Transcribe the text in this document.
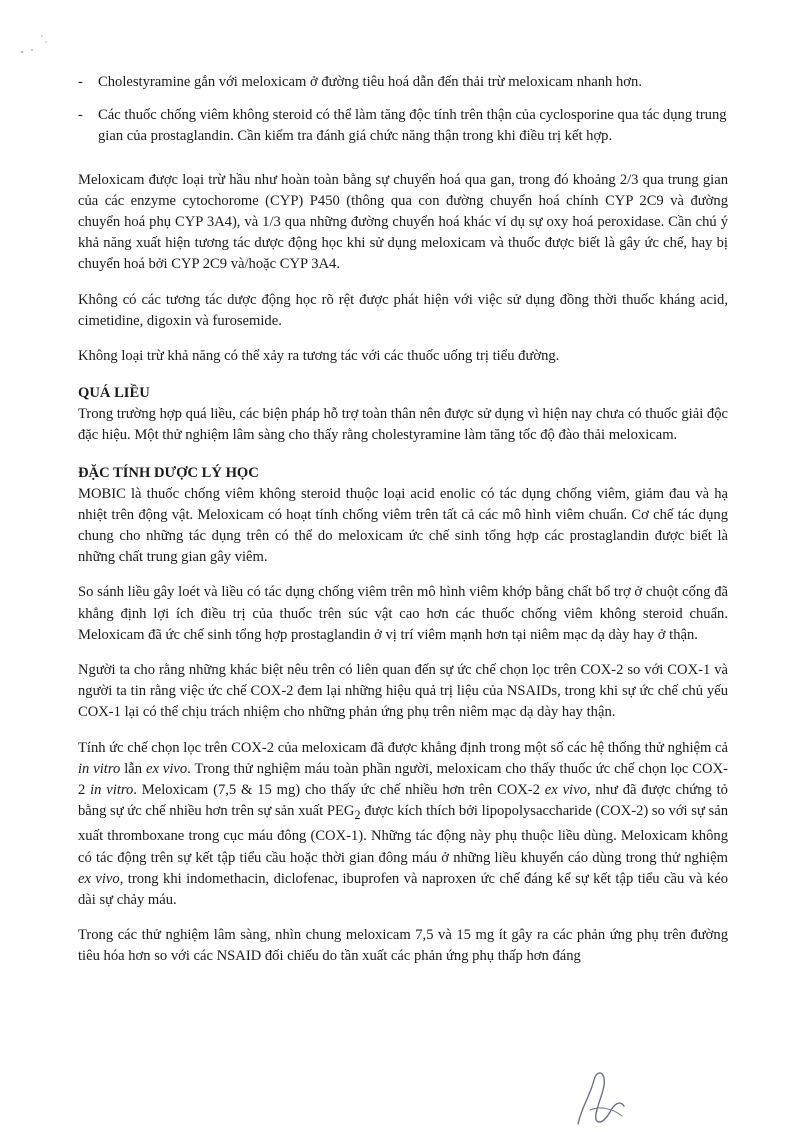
- Cholestyramine gắn với meloxicam ở đường tiêu hoá dẫn đến thải trừ meloxicam nhanh hơn.
- Các thuốc chống viêm không steroid có thể làm tăng độc tính trên thận của cyclosporine qua tác dụng trung gian của prostaglandin. Cần kiểm tra đánh giá chức năng thận trong khi điều trị kết hợp.

Meloxicam được loại trừ hầu như hoàn toàn bằng sự chuyển hoá qua gan, trong đó khoảng 2/3 qua trung gian của các enzyme cytochorome (CYP) P450 (thông qua con đường chuyển hoá chính CYP 2C9 và đường chuyển hoá phụ CYP 3A4), và 1/3 qua những đường chuyển hoá khác ví dụ sự oxy hoá peroxidase. Cần chú ý khả năng xuất hiện tương tác dược động học khi sử dụng meloxicam và thuốc được biết là gây ức chế, hay bị chuyển hoá bởi CYP 2C9 và/hoặc CYP 3A4.

Không có các tương tác dược động học rõ rệt được phát hiện với việc sử dụng đồng thời thuốc kháng acid, cimetidine, digoxin và furosemide.

Không loại trừ khả năng có thể xảy ra tương tác với các thuốc uống trị tiểu đường.

QUÁ LIỀU

Trong trường hợp quá liều, các biện pháp hỗ trợ toàn thân nên được sử dụng vì hiện nay chưa có thuốc giải độc đặc hiệu. Một thử nghiệm lâm sàng cho thấy rằng cholestyramine làm tăng tốc độ đào thải meloxicam.

ĐẶC TÍNH DƯỢC LÝ HỌC

MOBIC là thuốc chống viêm không steroid thuộc loại acid enolic có tác dụng chống viêm, giảm đau và hạ nhiệt trên động vật. Meloxicam có hoạt tính chống viêm trên tất cả các mô hình viêm chuẩn. Cơ chế tác dụng chung cho những tác dụng trên có thể do meloxicam ức chế sinh tổng hợp các prostaglandin được biết là những chất trung gian gây viêm.

So sánh liều gây loét và liều có tác dụng chống viêm trên mô hình viêm khớp bằng chất bổ trợ ở chuột cống đã khẳng định lợi ích điều trị của thuốc trên súc vật cao hơn các thuốc chống viêm không steroid chuẩn. Meloxicam đã ức chế sinh tổng hợp prostaglandin ở vị trí viêm mạnh hơn tại niêm mạc dạ dày hay ở thận.

Người ta cho rằng những khác biệt nêu trên có liên quan đến sự ức chế chọn lọc trên COX-2 so với COX-1 và người ta tin rằng việc ức chế COX-2 đem lại những hiệu quả trị liệu của NSAIDs, trong khi sự ức chế chủ yếu COX-1 lại có thể chịu trách nhiệm cho những phản ứng phụ trên niêm mạc dạ dày hay thận.

Tính ức chế chọn lọc trên COX-2 của meloxicam đã được khẳng định trong một số các hệ thống thử nghiệm cả in vitro lẫn ex vivo. Trong thử nghiệm máu toàn phần người, meloxicam cho thấy thuốc ức chế chọn lọc COX-2 in vitro. Meloxicam (7,5 & 15 mg) cho thấy ức chế nhiều hơn trên COX-2 ex vivo, như đã được chứng tỏ bằng sự ức chế nhiều hơn trên sự sản xuất $PEG_2$ được kích thích bởi lipopolysaccharide (COX-2) so với sự sản xuất thromboxane trong cục máu đông (COX-1). Những tác động này phụ thuộc liều dùng. Meloxicam không có tác động trên sự kết tập tiểu cầu hoặc thời gian đông máu ở những liều khuyến cáo dùng trong thử nghiệm ex vivo, trong khi indomethacin, diclofenac, ibuprofen và naproxen ức chế đáng kể sự kết tập tiểu cầu và kéo dài sự chảy máu.

Trong các thử nghiệm lâm sàng, nhìn chung meloxicam 7,5 và 15 mg ít gây ra các phản ứng phụ trên đường tiêu hóa hơn so với các NSAID đối chiếu do tần xuất các phản ứng phụ thấp hơn đáng
